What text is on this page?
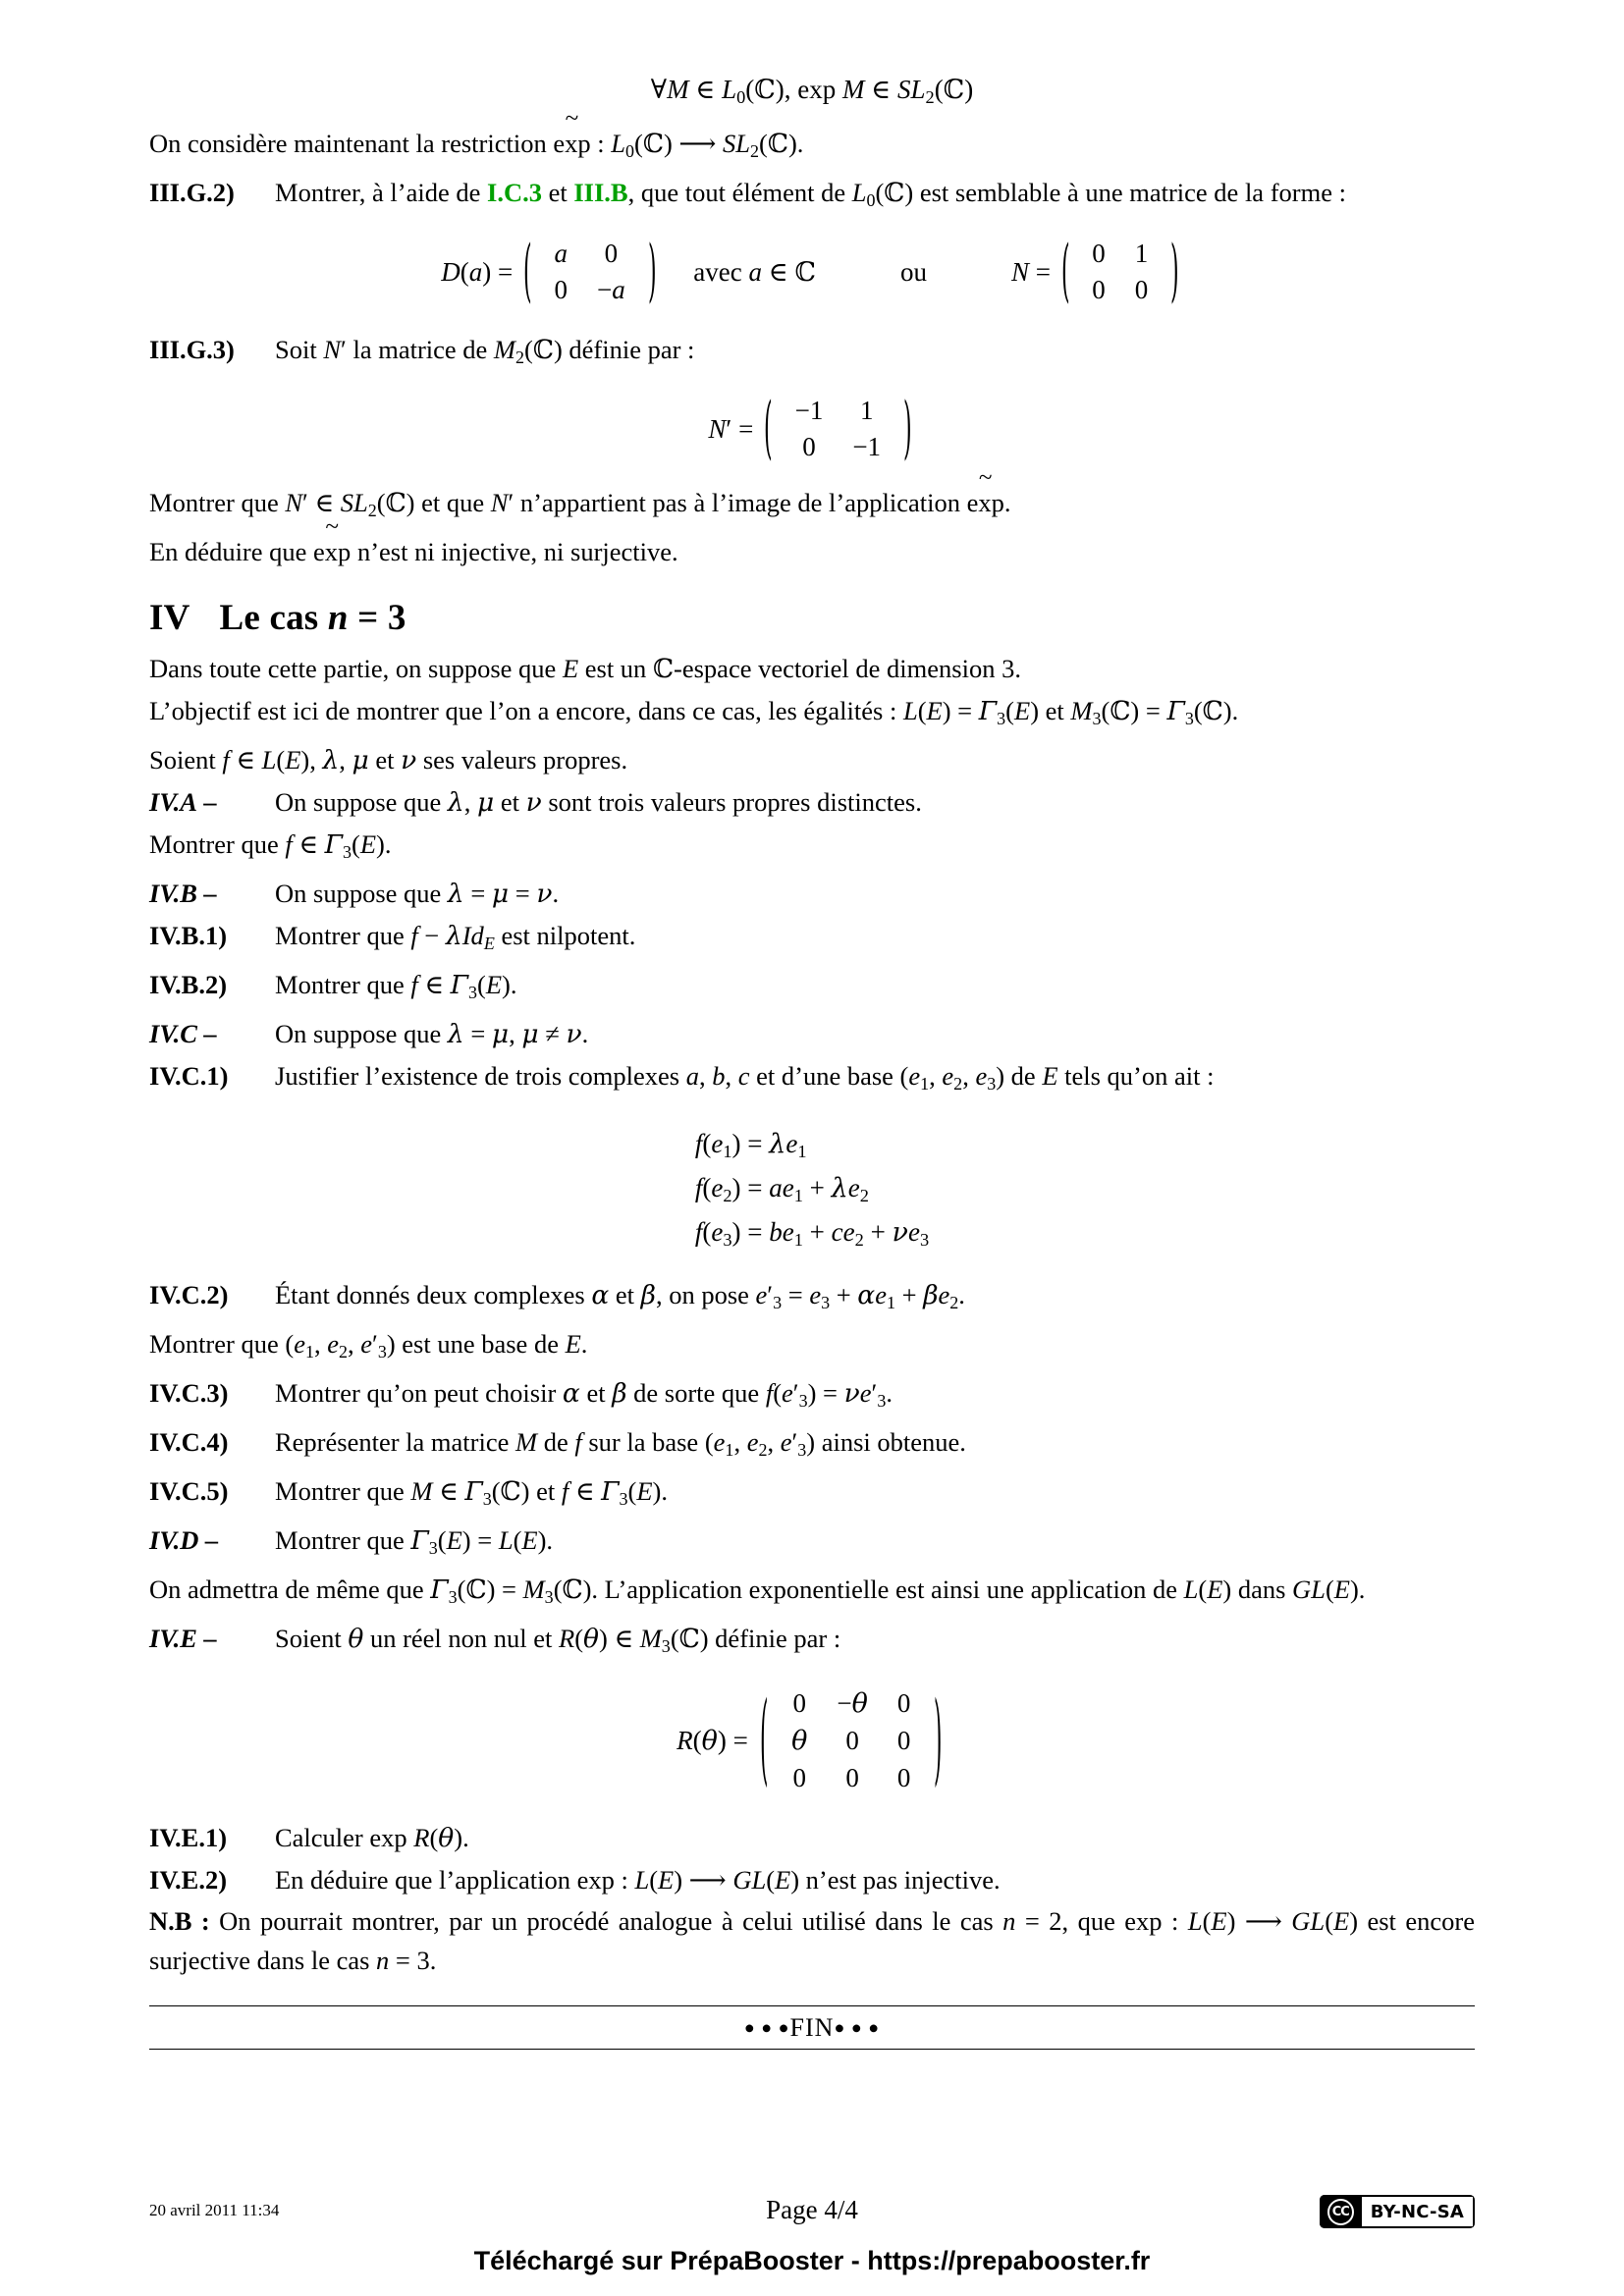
∀M ∈ $L_0(ℂ)$, exp M ∈ $SL_2(ℂ)$
On considère maintenant la restriction
~
exp : $L_0(ℂ)$ ⟶ $SL_2(ℂ)$.
III.G.2) Montrer, à l’aide de I.C.3 et III.B, que tout élément de $L_0(ℂ)$ est semblable à une matrice de la forme :
D(a) = ( a	0
0	−a ) avec a ∈ ℂ	ou	N = ( 0	1
0	0 )
III.G.3) Soit N′ la matrice de $M_2(ℂ)$ définie par :
N′ = ( −1	1
0	−1 )
Montrer que N′ ∈ $SL_2(ℂ)$ et que N′ n’appartient pas à l’image de l’application
~
exp.
En déduire que
~
exp n’est ni injective, ni surjective.
IV Le cas n = 3
Dans toute cette partie, on suppose que E est un ℂ-espace vectoriel de dimension 3.
L’objectif est ici de montrer que l’on a encore, dans ce cas, les égalités : $L(E) = \Gamma_3(E)$ et $M_3(ℂ)$ = $\Gamma_3(ℂ)$.
Soient f ∈ L(E), λ, μ et ν ses valeurs propres.
IV.A – On suppose que λ, μ et ν sont trois valeurs propres distinctes.
Montrer que f ∈ $\Gamma_3(E)$.
IV.B – On suppose que λ = μ = ν.
IV.B.1) Montrer que f − λId$_E$ est nilpotent.
IV.B.2) Montrer que f ∈ $\Gamma_3(E)$.
IV.C – On suppose que λ = μ, μ ≠ ν.
IV.C.1) Justifier l’existence de trois complexes a, b, c et d’une base ($e_1$, $e_2$, $e_3$) de E tels qu’on ait :
$f(e_1) = \lambda e_1$
$f(e_2) = ae_1 + \lambda e_2$
$f(e_3) = be_1 + ce_2 + \nu e_3$
IV.C.2) Étant donnés deux complexes α et β, on pose $e'_3 = e_3 + \alpha e_1 + \beta e_2$.
Montrer que ($e_1$, $e_2$, $e'_3$) est une base de E.
IV.C.3) Montrer qu’on peut choisir α et β de sorte que $f(e'_3) = \nu e'_3$.
IV.C.4) Représenter la matrice M de f sur la base ($e_1$, $e_2$, $e'_3$) ainsi obtenue.
IV.C.5) Montrer que M ∈ $\Gamma_3(ℂ)$ et f ∈ $\Gamma_3(E)$.
IV.D – Montrer que $\Gamma_3(E) = L(E)$.
On admettra de même que $\Gamma_3(ℂ)$ = $M_3(ℂ)$. L’application exponentielle est ainsi une application de L(E) dans GL(E).
IV.E – Soient θ un réel non nul et R(θ) ∈ $M_3(ℂ)$ définie par :
R(θ) = ( 0	−θ	0
θ	0	0
0	0	0 )
IV.E.1) Calculer exp R(θ).
IV.E.2) En déduire que l’application exp : L(E) ⟶ GL(E) n’est pas injective.
N.B : On pourrait montrer, par un procédé analogue à celui utilisé dans le cas n = 2, que exp : L(E) ⟶ GL(E) est encore surjective dans le cas n = 3.
● ● ●FIN● ● ●
20 avril 2011 11:34	Page 4/4	CC	BY-NC-SA
Téléchargé sur PrépaBooster - https://prepabooster.fr
